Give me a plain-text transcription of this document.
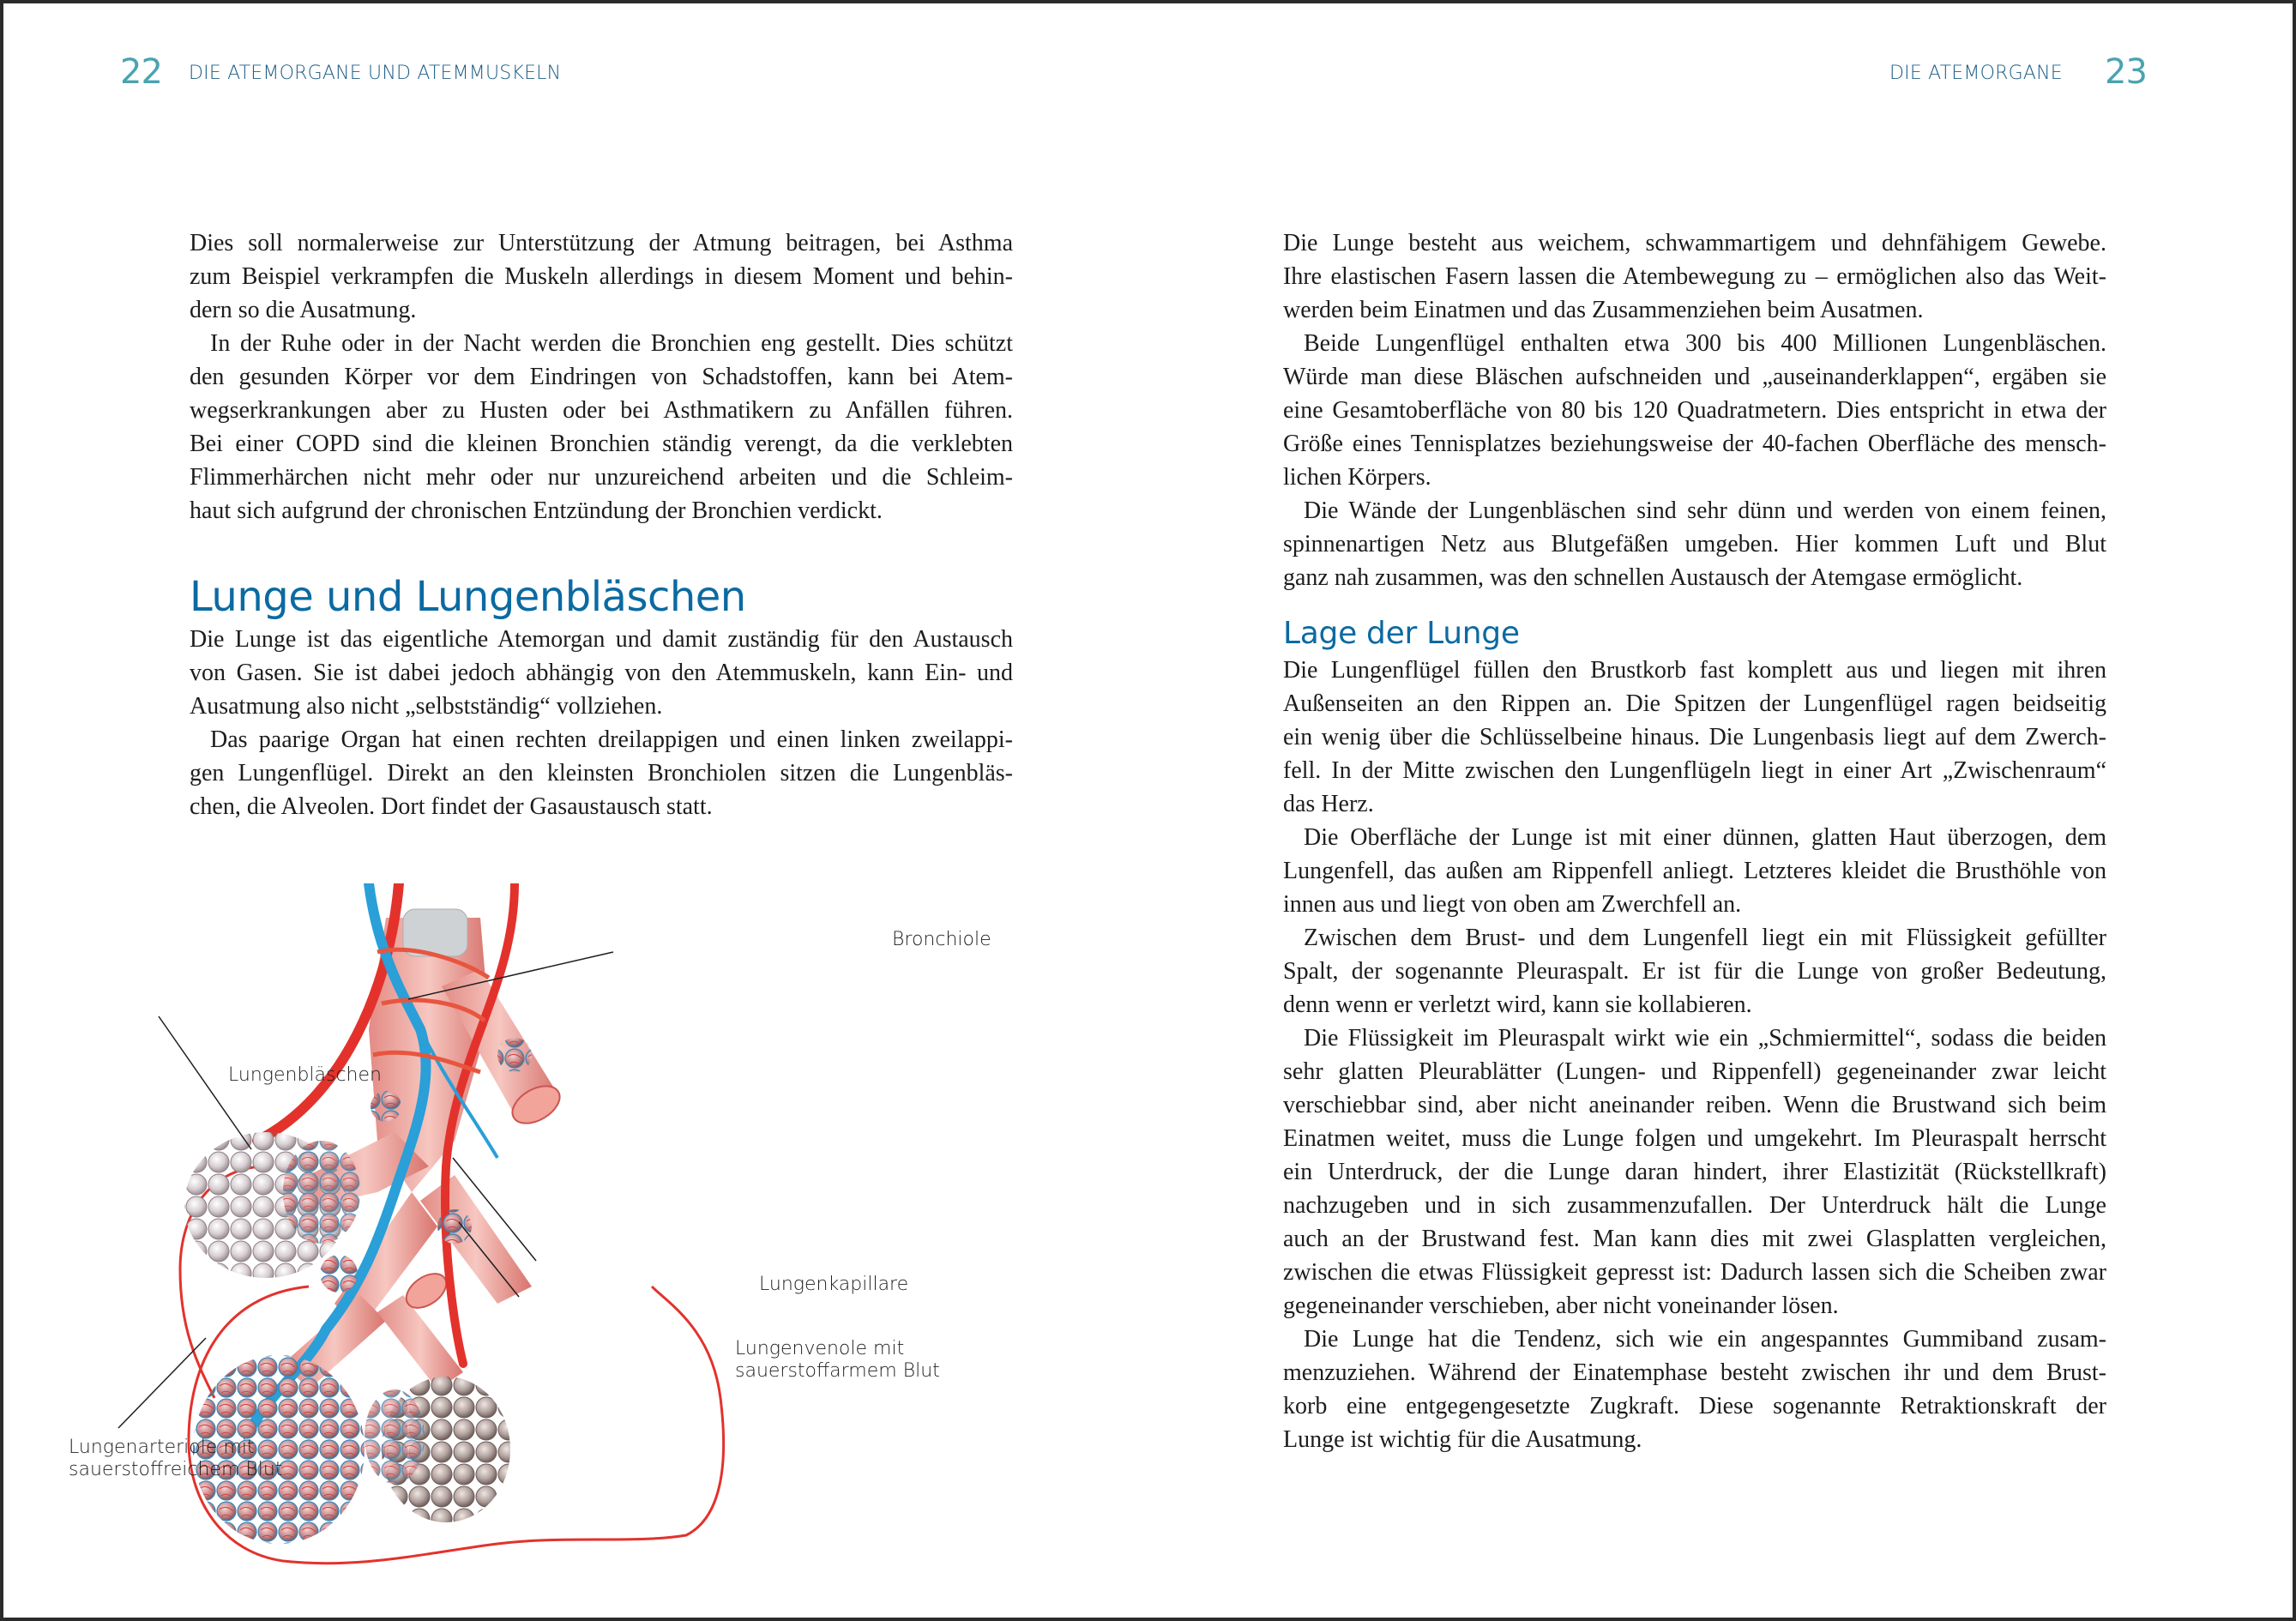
22 DIE ATEMORGANE UND ATEMMUSKELN

Dies soll normalerweise zur Unterstützung der Atmung beitragen, bei Asthma
zum Beispiel verkrampfen die Muskeln allerdings in diesem Moment und behin-
dern so die Ausatmung.

In der Ruhe oder in der Nacht werden die Bronchien eng gestellt. Dies schützt
den gesunden Körper vor dem Eindringen von Schadstoffen, kann bei Atem-
wegserkrankungen aber zu Husten oder bei Asthmatikern zu Anfällen führen.
Bei einer COPD sind die kleinen Bronchien ständig verengt, da die verklebten
Flimmerhärchen nicht mehr oder nur unzureichend arbeiten und die Schleim-
haut sich aufgrund der chronischen Entzündung der Bronchien verdickt.

Lunge und Lungenbläschen

Die Lunge ist das eigentliche Atemorgan und damit zuständig für den Austausch
von Gasen. Sie ist dabei jedoch abhängig von den Atemmuskeln, kann Ein- und
Ausatmung also nicht „selbstständig“ vollziehen.

Das paarige Organ hat einen rechten dreilappigen und einen linken zweilappi-
gen Lungenflügel. Direkt an den kleinsten Bronchiolen sitzen die Lungenbläs-
chen, die Alveolen. Dort findet der Gasaustausch statt.

Bronchiole
Lungenbläschen
Lungenkapillare
Lungenvenole mit
sauerstoffarmem Blut
Lungenarteriole mit
sauerstoffreichem Blut
DIE ATEMORGANE 23

Die Lunge besteht aus weichem, schwammartigem und dehnfähigem Gewebe.
Ihre elastischen Fasern lassen die Atembewegung zu – ermöglichen also das Weit-
werden beim Einatmen und das Zusammenziehen beim Ausatmen.

Beide Lungenflügel enthalten etwa 300 bis 400 Millionen Lungenbläschen.
Würde man diese Bläschen aufschneiden und „auseinanderklappen“, ergäben sie
eine Gesamtoberfläche von 80 bis 120 Quadratmetern. Dies entspricht in etwa der
Größe eines Tennisplatzes beziehungsweise der 40-fachen Oberfläche des mensch-
lichen Körpers.

Die Wände der Lungenbläschen sind sehr dünn und werden von einem feinen,
spinnenartigen Netz aus Blutgefäßen umgeben. Hier kommen Luft und Blut
ganz nah zusammen, was den schnellen Austausch der Atemgase ermöglicht.

Lage der Lunge

Die Lungenflügel füllen den Brustkorb fast komplett aus und liegen mit ihren
Außenseiten an den Rippen an. Die Spitzen der Lungenflügel ragen beidseitig
ein wenig über die Schlüsselbeine hinaus. Die Lungenbasis liegt auf dem Zwerch-
fell. In der Mitte zwischen den Lungenflügeln liegt in einer Art „Zwischenraum“
das Herz.

Die Oberfläche der Lunge ist mit einer dünnen, glatten Haut überzogen, dem
Lungenfell, das außen am Rippenfell anliegt. Letzteres kleidet die Brusthöhle von
innen aus und liegt von oben am Zwerchfell an.

Zwischen dem Brust- und dem Lungenfell liegt ein mit Flüssigkeit gefüllter
Spalt, der sogenannte Pleuraspalt. Er ist für die Lunge von großer Bedeutung,
denn wenn er verletzt wird, kann sie kollabieren.

Die Flüssigkeit im Pleuraspalt wirkt wie ein „Schmiermittel“, sodass die beiden
sehr glatten Pleurablätter (Lungen- und Rippenfell) gegeneinander zwar leicht
verschiebbar sind, aber nicht aneinander reiben. Wenn die Brustwand sich beim
Einatmen weitet, muss die Lunge folgen und umgekehrt. Im Pleuraspalt herrscht
ein Unterdruck, der die Lunge daran hindert, ihrer Elastizität (Rückstellkraft)
nachzugeben und in sich zusammenzufallen. Der Unterdruck hält die Lunge
auch an der Brustwand fest. Man kann dies mit zwei Glasplatten vergleichen,
zwischen die etwas Flüssigkeit gepresst ist: Dadurch lassen sich die Scheiben zwar
gegeneinander verschieben, aber nicht voneinander lösen.

Die Lunge hat die Tendenz, sich wie ein angespanntes Gummiband zusam-
menzuziehen. Während der Einatemphase besteht zwischen ihr und dem Brust-
korb eine entgegengesetzte Zugkraft. Diese sogenannte Retraktionskraft der
Lunge ist wichtig für die Ausatmung.
